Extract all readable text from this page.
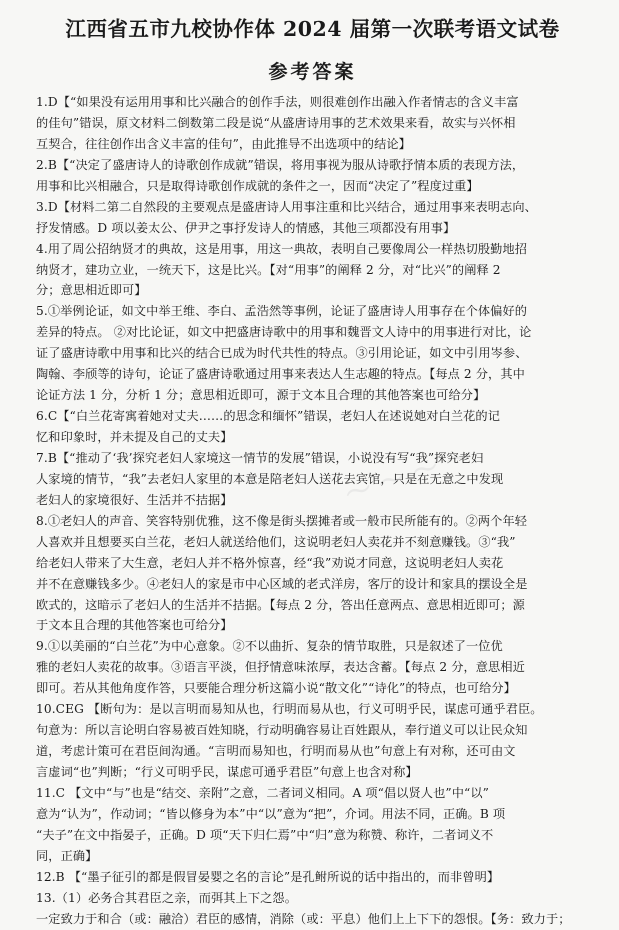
江西省五市九校协作体 2024 届第一次联考语文试卷
参考答案
1.D【“如果没有运用用事和比兴融合的创作手法，则很难创作出融入作者情志的含义丰富
的佳句”错误，原文材料二倒数第二段是说“从盛唐诗用事的艺术效果来看，故实与兴怀相
互契合，往往创作出含义丰富的佳句”，由此推导不出选项中的结论】
2.B【“决定了盛唐诗人的诗歌创作成就”错误，将用事视为服从诗歌抒情本质的表现方法，
用事和比兴相融合，只是取得诗歌创作成就的条件之一，因而“决定了”程度过重】
3.D【材料二第二自然段的主要观点是盛唐诗人用事注重和比兴结合，通过用事来表明志向、
抒发情感。D 项以姜太公、伊尹之事抒发诗人的情感，其他三项都没有用事】
4.用了周公招纳贤才的典故，这是用事，用这一典故，表明自己要像周公一样热切殷勤地招
纳贤才，建功立业，一统天下，这是比兴。【对“用事”的阐释 2 分，对“比兴”的阐释 2
分；意思相近即可】
5.①举例论证，如文中举王维、李白、孟浩然等事例，论证了盛唐诗人用事存在个体偏好的
差异的特点。 ②对比论证，如文中把盛唐诗歌中的用事和魏晋文人诗中的用事进行对比，论
证了盛唐诗歌中用事和比兴的结合已成为时代共性的特点。③引用论证，如文中引用岑参、
陶翰、李颀等的诗句，论证了盛唐诗歌通过用事来表达人生志趣的特点。【每点 2 分，其中
论证方法 1 分，分析 1 分；意思相近即可，源于文本且合理的其他答案也可给分】
6.C【“白兰花寄寓着她对丈夫……的思念和缅怀”错误，老妇人在述说她对白兰花的记
忆和印象时，并未提及自己的丈夫】
7.B【“推动了‘我’探究老妇人家境这一情节的发展”错误，小说没有写“我”探究老妇
人家境的情节，“我”去老妇人家里的本意是陪老妇人送花去宾馆，只是在无意之中发现
老妇人的家境很好、生活并不拮据】
8.①老妇人的声音、笑容特别优雅，这不像是街头摆摊者或一般市民所能有的。②两个年轻
人喜欢并且想要买白兰花，老妇人就送给他们，这说明老妇人卖花并不刻意赚钱。③“我”
给老妇人带来了大生意，老妇人并不格外惊喜，经“我”劝说才同意，这说明老妇人卖花
并不在意赚钱多少。④老妇人的家是市中心区域的老式洋房，客厅的设计和家具的摆设全是
欧式的，这暗示了老妇人的生活并不拮据。【每点 2 分，答出任意两点、意思相近即可；源
于文本且合理的其他答案也可给分】
9.①以美丽的“白兰花”为中心意象。②不以曲折、复杂的情节取胜，只是叙述了一位优
雅的老妇人卖花的故事。③语言平淡，但抒情意味浓厚，表达含蓄。【每点 2 分，意思相近
即可。若从其他角度作答，只要能合理分析这篇小说“散文化”“诗化”的特点，也可给分】
10.CEG 【断句为：是以言明而易知从也，行明而易从也，行义可明乎民，谋虑可通乎君臣。
句意为：所以言论明白容易被百姓知晓，行动明确容易让百姓跟从，奉行道义可以让民众知
道，考虑计策可在君臣间沟通。“言明而易知也，行明而易从也”句意上有对称，还可由文
言虚词“也”判断；“行义可明乎民，谋虑可通乎君臣”句意上也含对称】
11.C 【文中“与”也是“结交、亲附”之意，二者词义相同。A 项“倡以贤人也”中“以”
意为“认为”，作动词；“皆以修身为本”中“以”意为“把”，介词。用法不同，正确。B 项
“夫子”在文中指晏子，正确。D 项“天下归仁焉”中“归”意为称赞、称许，二者词义不
同，正确】
12.B 【“墨子征引的都是假冒晏婴之名的言论”是孔鲋所说的话中指出的，而非曾明】
13.（1）必务合其君臣之亲，而弭其上下之怨。
一定致力于和合（或：融洽）君臣的感情，消除（或：平息）他们上上下下的怨恨。【务：致力于；
〜 〜 〜 〜
